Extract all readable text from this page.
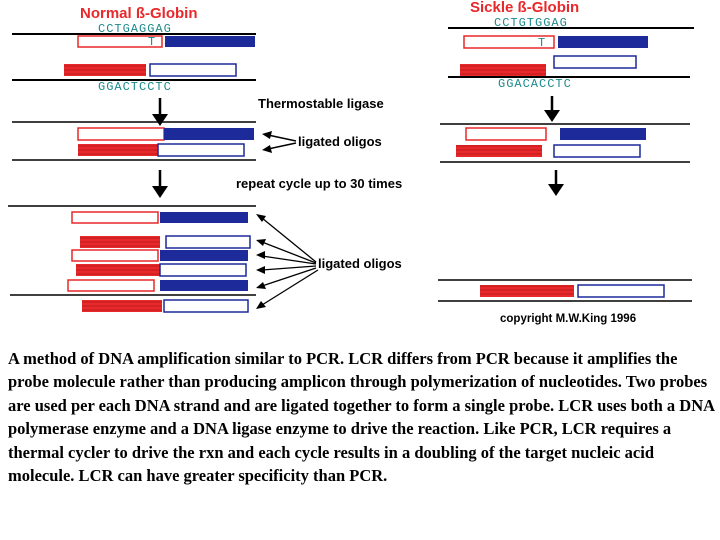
Normal ß-Globin	Sickle ß-Globin
CCTGAGGAG
T
GGACTCCTC
CCTGTGGAG
T
GGACACCTC
Thermostable ligase
ligated oligos
repeat cycle up to 30 times
ligated oligos
copyright M.W.King 1996

A method of DNA amplification similar to PCR. LCR differs from PCR because it amplifies the probe molecule rather than producing amplicon through polymerization of nucleotides. Two probes are used per each DNA strand and are ligated together to form a single probe. LCR uses both a DNA polymerase enzyme and a DNA ligase enzyme to drive the reaction. Like PCR, LCR requires a thermal cycler to drive the rxn and each cycle results in a doubling of the target nucleic acid molecule. LCR can have greater specificity than PCR.
